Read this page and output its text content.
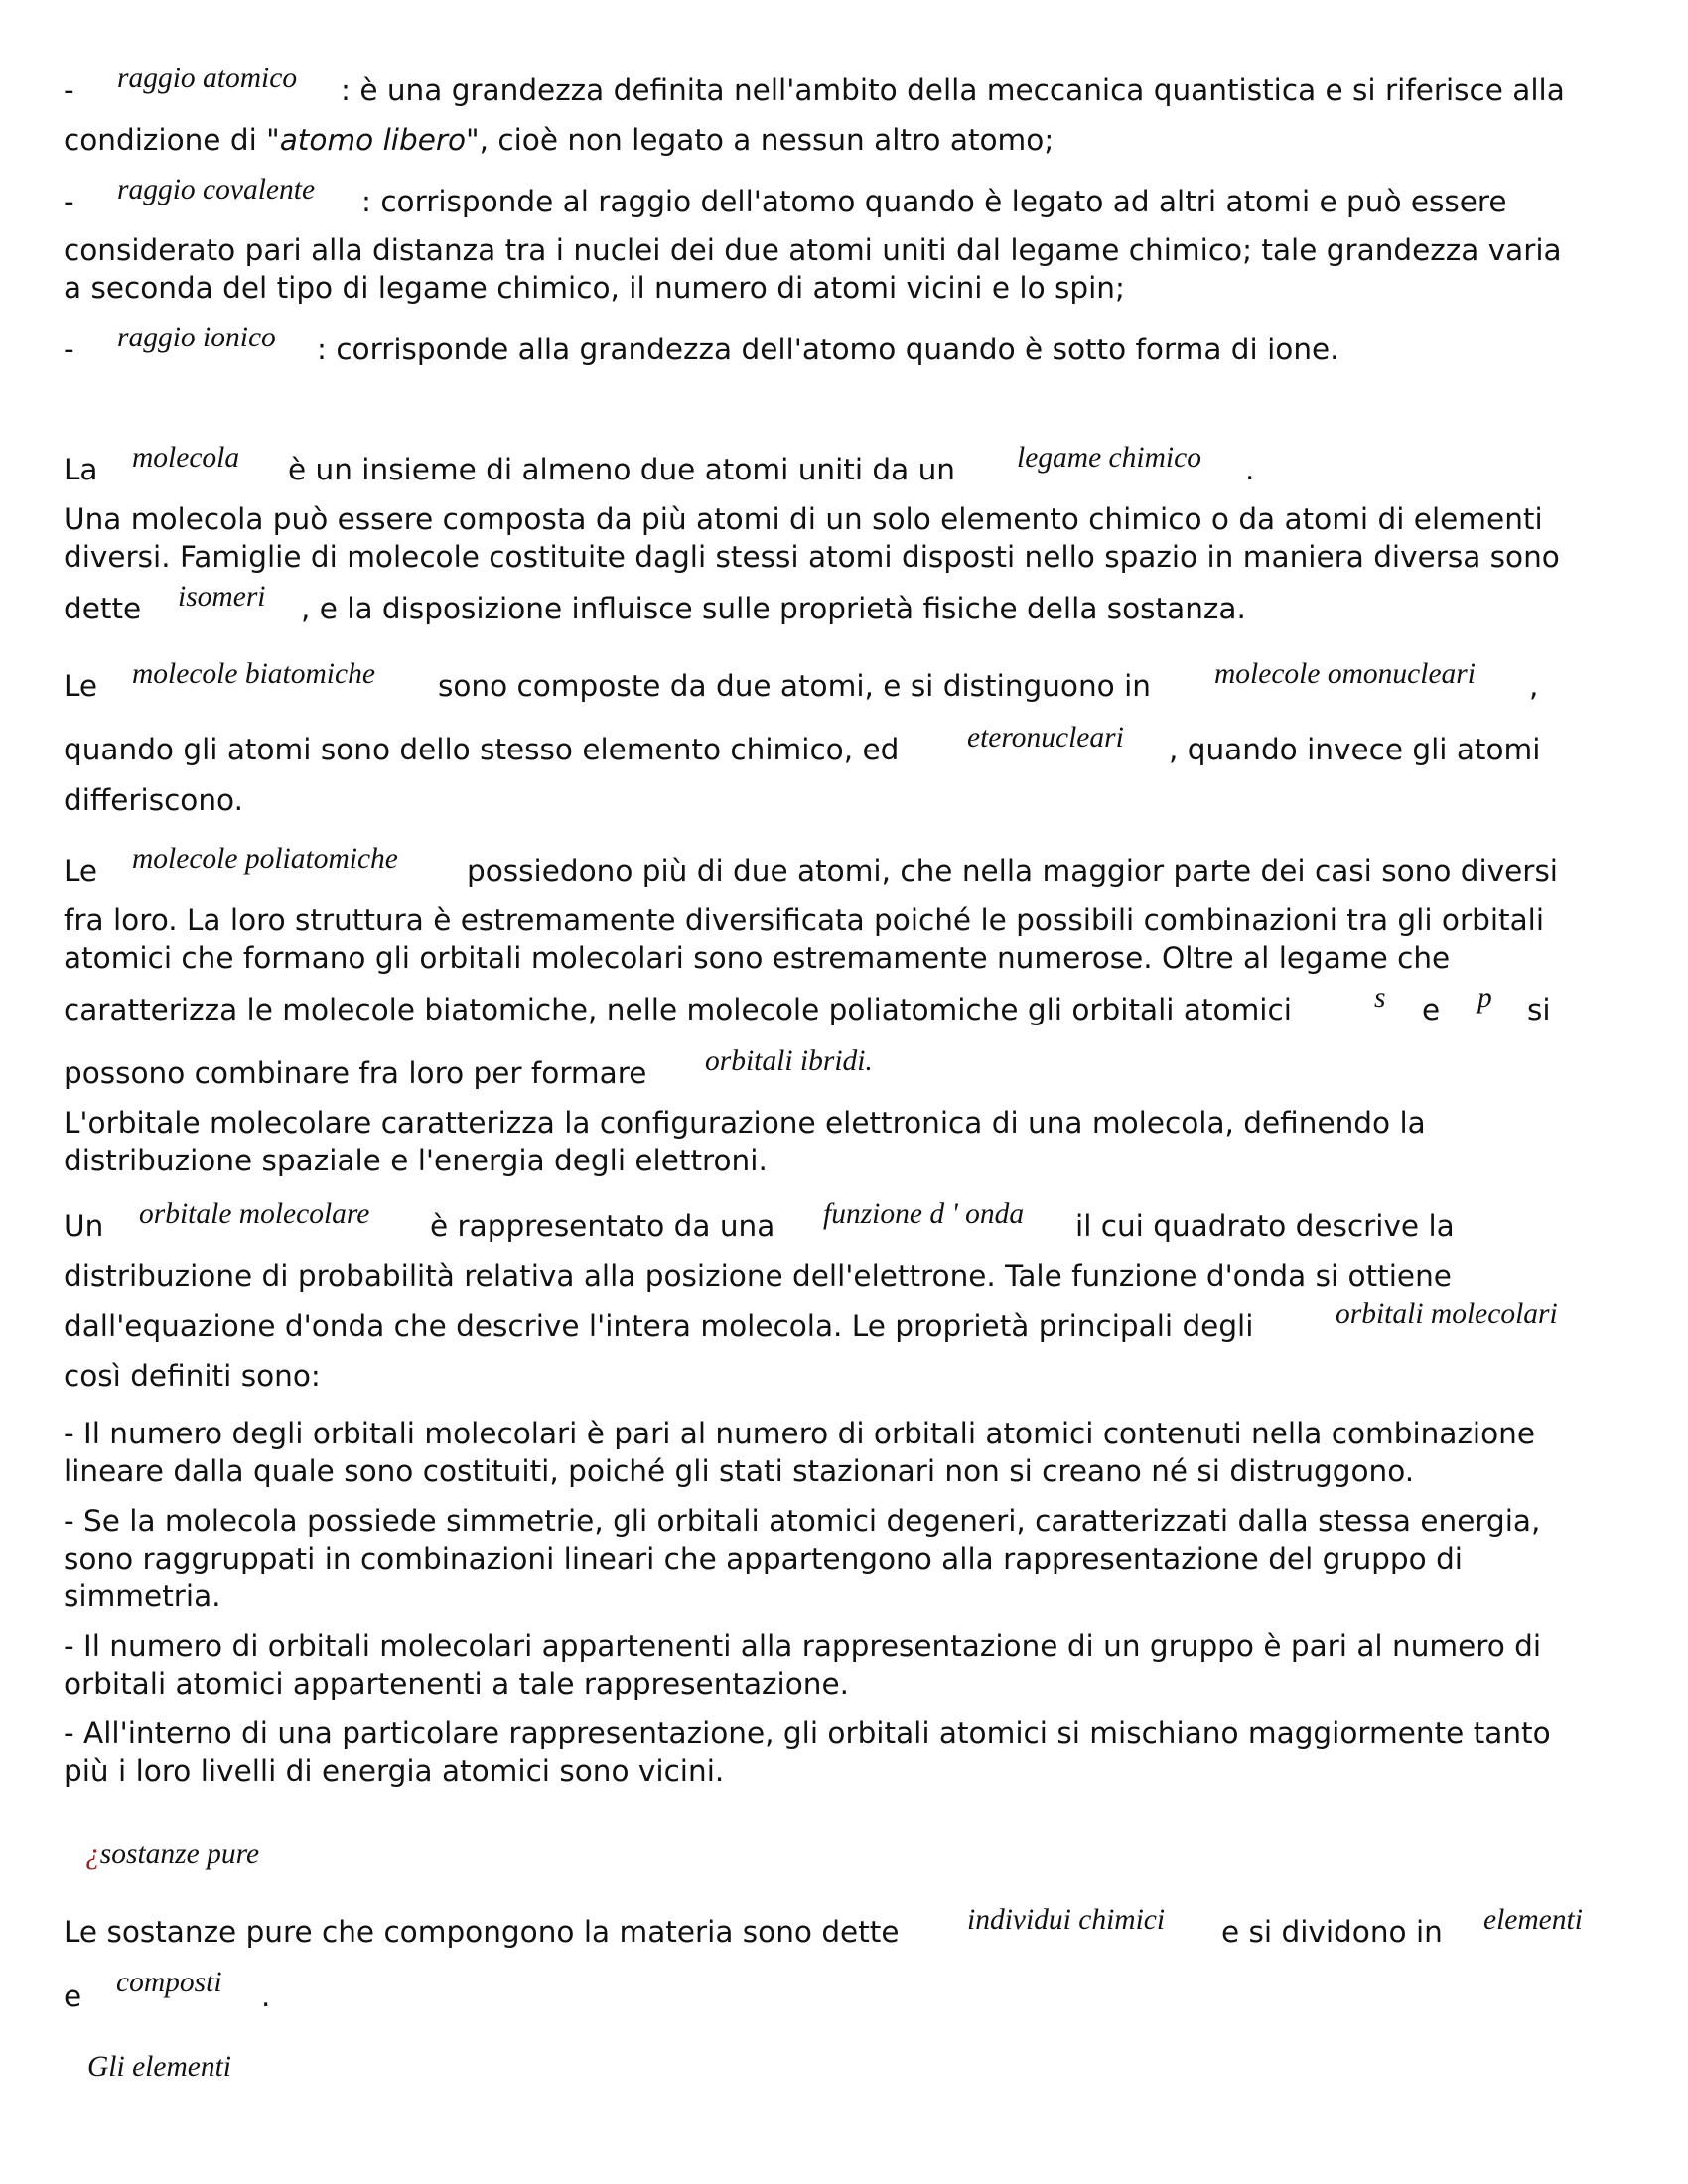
- raggio atomico : è una grandezza definita nell'ambito della meccanica quantistica e si riferisce alla
condizione di "atomo libero", cioè non legato a nessun altro atomo;
- raggio covalente : corrisponde al raggio dell'atomo quando è legato ad altri atomi e può essere
considerato pari alla distanza tra i nuclei dei due atomi uniti dal legame chimico; tale grandezza varia
a seconda del tipo di legame chimico, il numero di atomi vicini e lo spin;
- raggio ionico : corrisponde alla grandezza dell'atomo quando è sotto forma di ione.
La molecola è un insieme di almeno due atomi uniti da un legame chimico .
Una molecola può essere composta da più atomi di un solo elemento chimico o da atomi di elementi
diversi. Famiglie di molecole costituite dagli stessi atomi disposti nello spazio in maniera diversa sono
dette isomeri , e la disposizione influisce sulle proprietà fisiche della sostanza.
Le molecole biatomiche sono composte da due atomi, e si distinguono in molecole omonucleari ,
quando gli atomi sono dello stesso elemento chimico, ed eteronucleari , quando invece gli atomi
differiscono.
Le molecole poliatomiche possiedono più di due atomi, che nella maggior parte dei casi sono diversi
fra loro. La loro struttura è estremamente diversificata poiché le possibili combinazioni tra gli orbitali
atomici che formano gli orbitali molecolari sono estremamente numerose. Oltre al legame che
caratterizza le molecole biatomiche, nelle molecole poliatomiche gli orbitali atomici	s e p si
possono combinare fra loro per formare orbitali ibridi.
L'orbitale molecolare caratterizza la configurazione elettronica di una molecola, definendo la
distribuzione spaziale e l'energia degli elettroni.
Un orbitale molecolare è rappresentato da una funzione d ' onda il cui quadrato descrive la
distribuzione di probabilità relativa alla posizione dell'elettrone. Tale funzione d'onda si ottiene
dall'equazione d'onda che descrive l'intera molecola. Le proprietà principali degli	orbitali molecolari
così definiti sono:
- Il numero degli orbitali molecolari è pari al numero di orbitali atomici contenuti nella combinazione
lineare dalla quale sono costituiti, poiché gli stati stazionari non si creano né si distruggono.
- Se la molecola possiede simmetrie, gli orbitali atomici degeneri, caratterizzati dalla stessa energia,
sono raggruppati in combinazioni lineari che appartengono alla rappresentazione del gruppo di
simmetria.
- Il numero di orbitali molecolari appartenenti alla rappresentazione di un gruppo è pari al numero di
orbitali atomici appartenenti a tale rappresentazione.
- All'interno di una particolare rappresentazione, gli orbitali atomici si mischiano maggiormente tanto
più i loro livelli di energia atomici sono vicini.
¿sostanze pure
Le sostanze pure che compongono la materia sono dette individui chimici e si dividono in elementi
e composti .
Gli elementi
